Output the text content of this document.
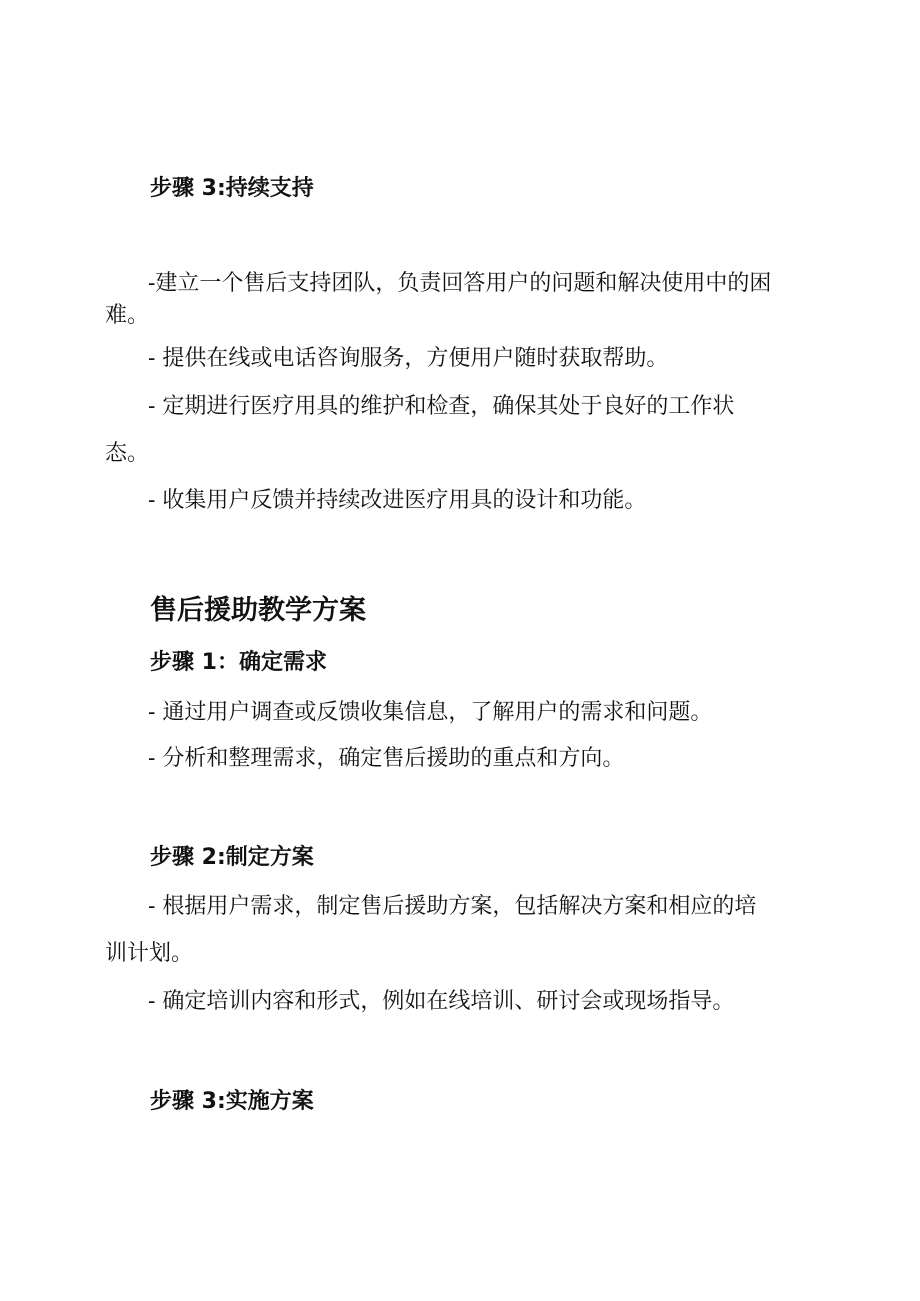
步骤 3:持续支持

-建立一个售后支持团队，负责回答用户的问题和解决使用中的困

难。

- 提供在线或电话咨询服务，方便用户随时获取帮助。

- 定期进行医疗用具的维护和检查，确保其处于良好的工作状

态。

- 收集用户反馈并持续改进医疗用具的设计和功能。

售后援助教学方案
步骤 1：确定需求

- 通过用户调查或反馈收集信息，了解用户的需求和问题。

- 分析和整理需求，确定售后援助的重点和方向。

步骤 2:制定方案

- 根据用户需求，制定售后援助方案，包括解决方案和相应的培

训计划。

- 确定培训内容和形式，例如在线培训、研讨会或现场指导。

步骤 3:实施方案
